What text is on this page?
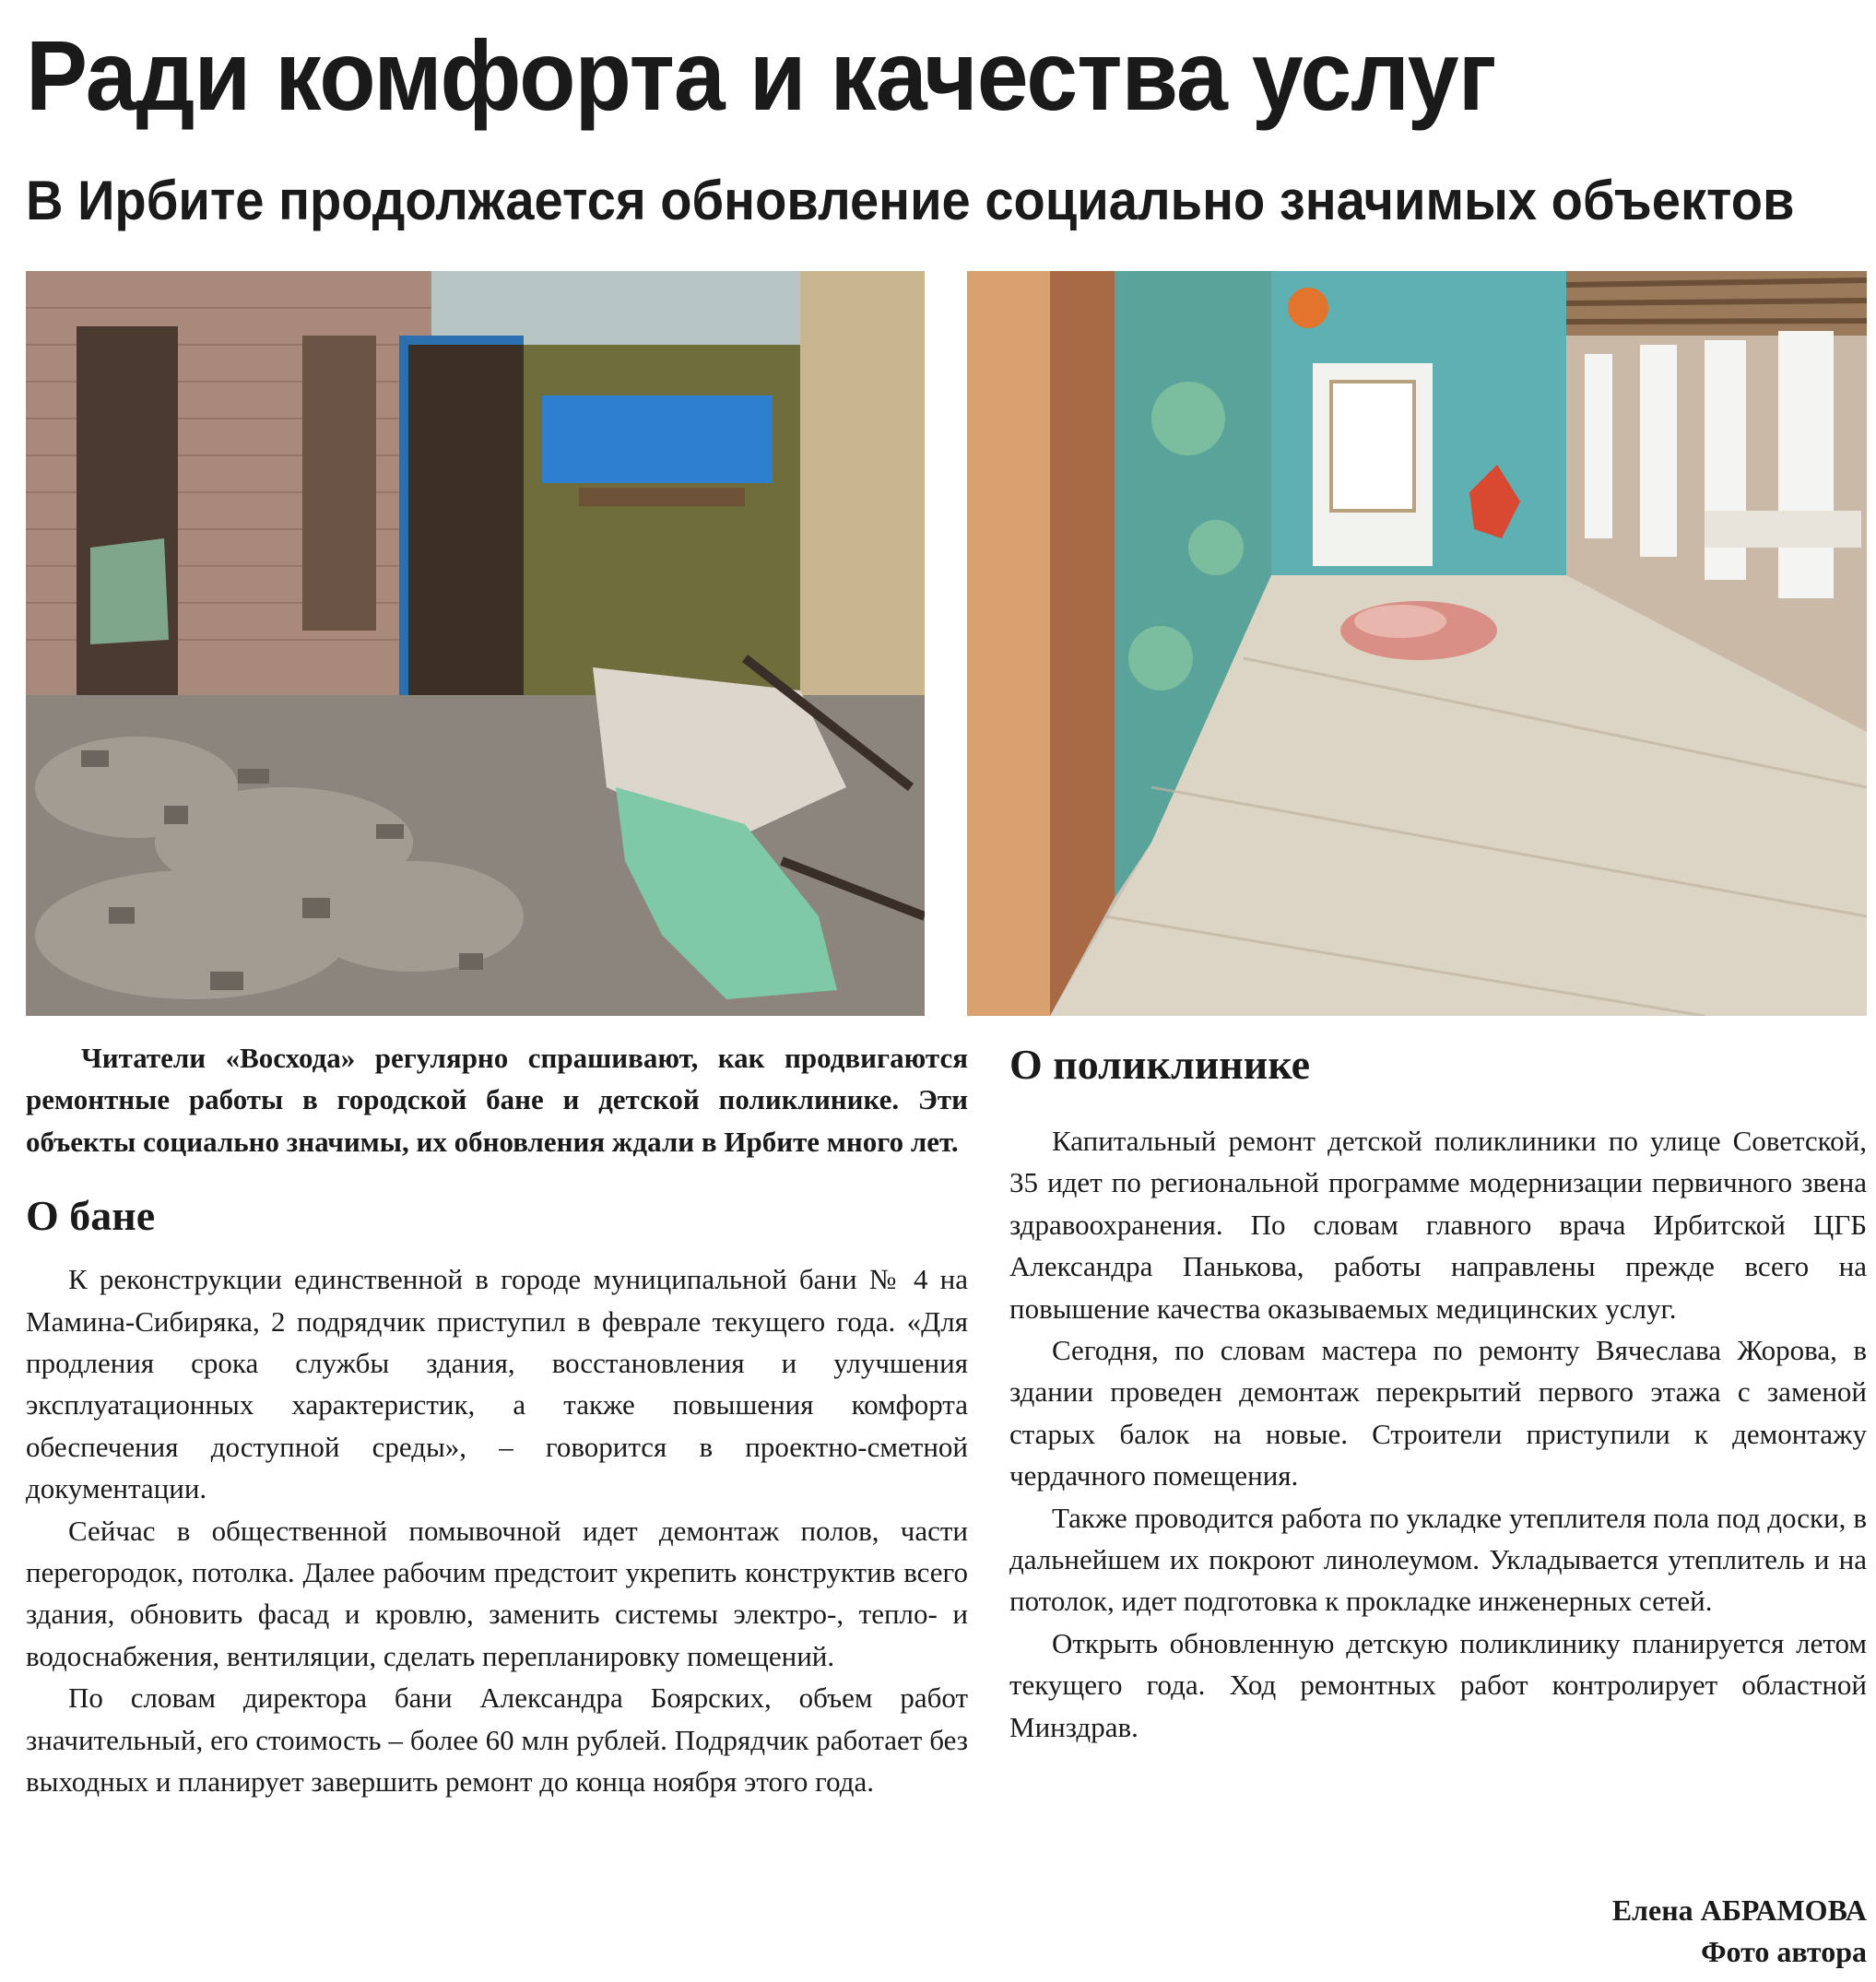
Ради комфорта и качества услуг
В Ирбите продолжается обновление социально значимых объектов

Читатели «Восхода» регулярно спрашивают, как продвигаются ремонтные работы в городской бане и детской поликлинике. Эти объекты социально значимы, их обновления ждали в Ирбите много лет.

О бане

К реконструкции единственной в городе муниципальной бани № 4 на Мамина-Сибиряка, 2 подрядчик приступил в феврале текущего года. «Для продления срока службы здания, восстановления и улучшения эксплуатационных характеристик, а также повышения комфорта обеспечения доступной среды», – говорится в проектно-сметной документации.

Сейчас в общественной помывочной идет демонтаж полов, части перегородок, потолка. Далее рабочим предстоит укрепить конструктив всего здания, обновить фасад и кровлю, заменить системы электро-, тепло- и водоснабжения, вентиляции, сделать перепланировку помещений.

По словам директора бани Александра Боярских, объем работ значительный, его стоимость – более 60 млн рублей. Подрядчик работает без выходных и планирует завершить ремонт до конца ноября этого года.

О поликлинике

Капитальный ремонт детской поликлиники по улице Советской, 35 идет по региональной программе модернизации первичного звена здравоохранения. По словам главного врача Ирбитской ЦГБ Александра Панькова, работы направлены прежде всего на повышение качества оказываемых медицинских услуг.

Сегодня, по словам мастера по ремонту Вячеслава Жорова, в здании проведен демонтаж перекрытий первого этажа с заменой старых балок на новые. Строители приступили к демонтажу чердачного помещения.

Также проводится работа по укладке утеплителя пола под доски, в дальнейшем их покроют линолеумом. Укладывается утеплитель и на потолок, идет подготовка к прокладке инженерных сетей.

Открыть обновленную детскую поликлинику планируется летом текущего года. Ход ремонтных работ контролирует областной Минздрав.

Елена АБРАМОВА
Фото автора
